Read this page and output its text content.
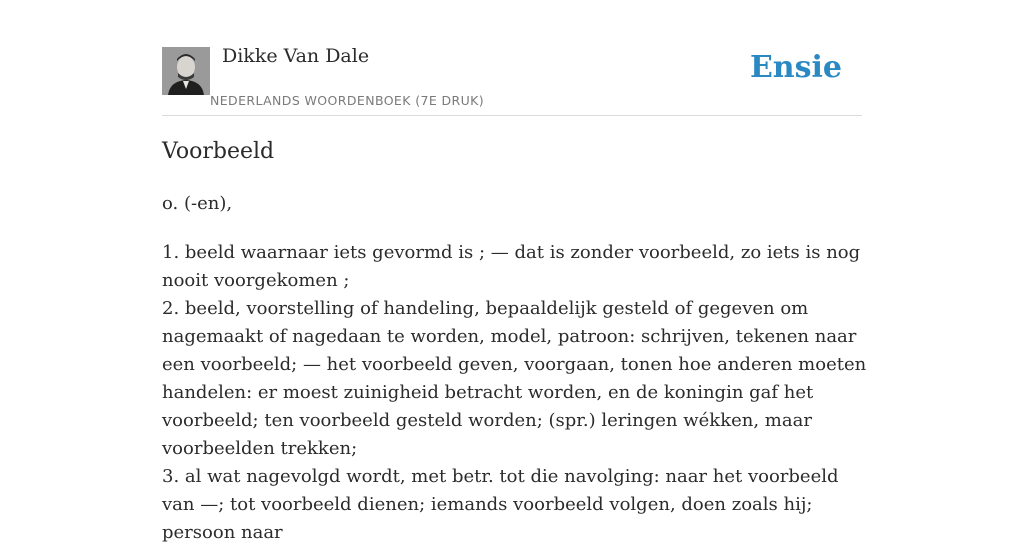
Dikke Van Dale
NEDERLANDS WOORDENBOEK (7E DRUK)
Ensie
Voorbeeld

o. (-en),

1. beeld waarnaar iets gevormd is ; — dat is zonder voorbeeld, zo iets is nog nooit voorgekomen ;
2. beeld, voorstelling of handeling, bepaaldelijk gesteld of gegeven om nagemaakt of nagedaan te worden, model, patroon: schrijven, tekenen naar een voorbeeld; — het voorbeeld geven, voorgaan, tonen hoe anderen moeten handelen: er moest zuinigheid betracht worden, en de koningin gaf het voorbeeld; ten voorbeeld gesteld worden; (spr.) leringen wékken, maar voorbeelden trekken;
3. al wat nagevolgd wordt, met betr. tot die navolging: naar het voorbeeld van —; tot voorbeeld dienen; iemands voorbeeld volgen, doen zoals hij; persoon naar
